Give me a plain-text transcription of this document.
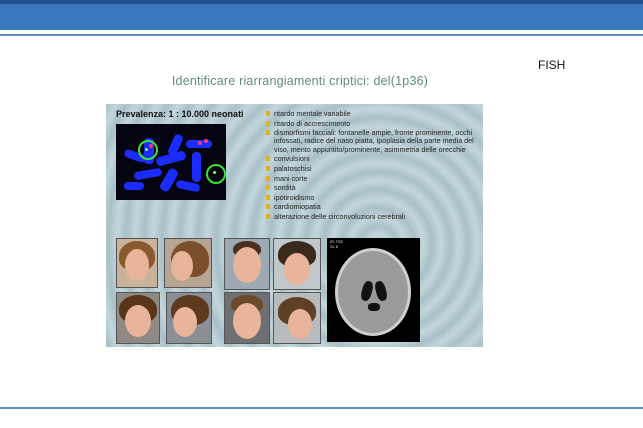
FISH
Identificare riarrangiamenti criptici: del(1p36)
Prevalenza: 1 : 10.000 neonati	ritardo mentale variabile
ritardo di accrescimento
dismorfismi facciali: fontanelle ampie, fronte prominente, occhi infossati, radice del naso piatta, ipoplasia della parte media del viso, mento appuntito/prominente, asimmetria delle orecchie
convulsioni
palatoschisi
mani corte
sordità
ipotiroidismo
cardiomiopatia
alterazione delle circonvoluzioni cerebrali
IR-TSE
SL 6
